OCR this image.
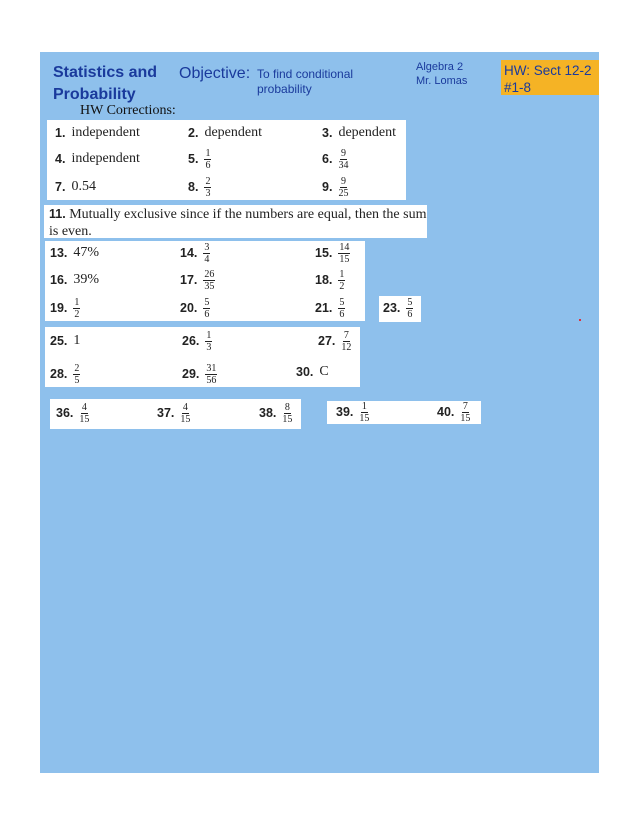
Statistics and Probability
Objective: To find conditional probability
Algebra 2
Mr. Lomas
HW: Sect 12-2 #1-8
HW Corrections:
1. independent	2. dependent	3. dependent
4. independent	5. $\frac{1}{6}$	6. $\frac{9}{34}$
7. 0.54	8. $\frac{2}{3}$	9. $\frac{9}{25}$
11. Mutually exclusive since if the numbers are equal, then the sum is even.
13. 47%	14. $\frac{3}{4}$	15. $\frac{14}{15}$
16. 39%	17. $\frac{26}{35}$	18. $\frac{1}{2}$
19. $\frac{1}{2}$	20. $\frac{5}{6}$	21. $\frac{5}{6}$	23. $\frac{5}{6}$
25. 1	26. $\frac{1}{3}$	27. $\frac{7}{12}$
28. $\frac{2}{5}$	29. $\frac{31}{56}$	30. C
36. $\frac{4}{15}$	37. $\frac{4}{15}$	38. $\frac{8}{15}$	39. $\frac{1}{15}$	40. $\frac{7}{15}$
